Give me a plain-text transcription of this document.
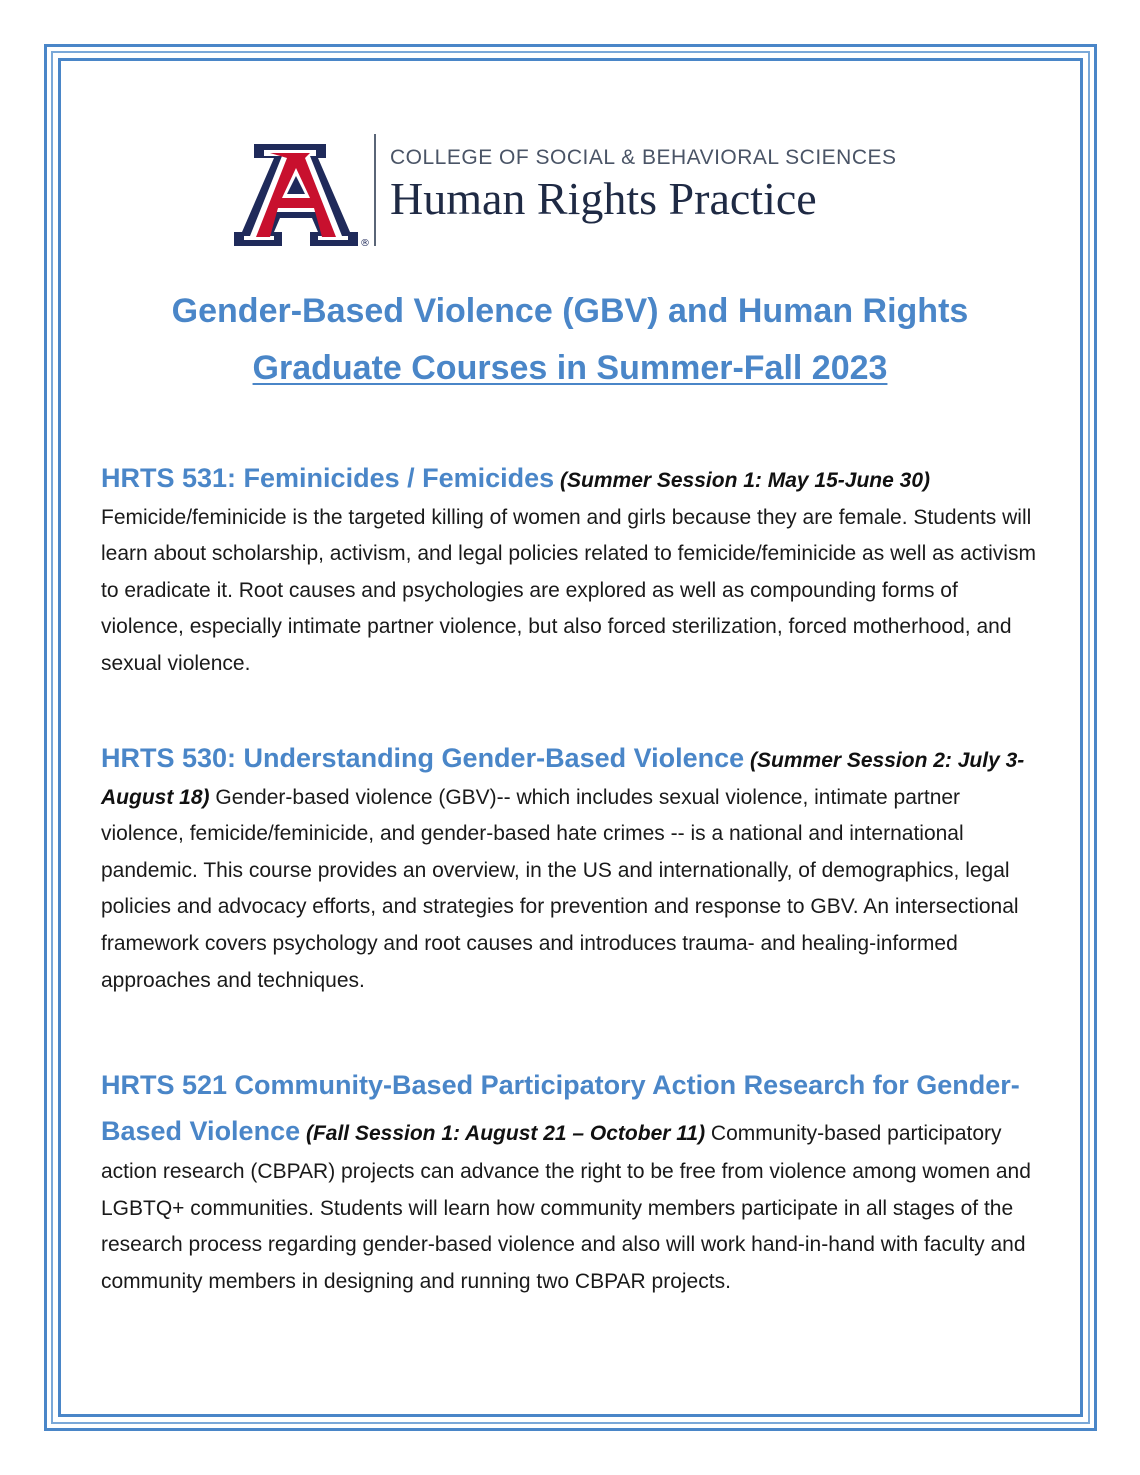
®
COLLEGE OF SOCIAL & BEHAVIORAL SCIENCES
Human Rights Practice
Gender-Based Violence (GBV) and Human Rights
Graduate Courses in Summer-Fall 2023
HRTS 531: Feminicides / Femicides (Summer Session 1: May 15-June 30)
Femicide/feminicide is the targeted killing of women and girls because they are female. Students will learn about scholarship, activism, and legal policies related to femicide/feminicide as well as activism to eradicate it. Root causes and psychologies are explored as well as compounding forms of violence, especially intimate partner violence, but also forced sterilization, forced motherhood, and sexual violence.
HRTS 530: Understanding Gender-Based Violence (Summer Session 2: July 3-August 18) Gender-based violence (GBV)-- which includes sexual violence, intimate partner violence, femicide/feminicide, and gender-based hate crimes -- is a national and international pandemic. This course provides an overview, in the US and internationally, of demographics, legal policies and advocacy efforts, and strategies for prevention and response to GBV. An intersectional framework covers psychology and root causes and introduces trauma- and healing-informed approaches and techniques.
HRTS 521 Community-Based Participatory Action Research for Gender-Based Violence (Fall Session 1: August 21 – October 11) Community-based participatory action research (CBPAR) projects can advance the right to be free from violence among women and LGBTQ+ communities. Students will learn how community members participate in all stages of the research process regarding gender-based violence and also will work hand-in-hand with faculty and community members in designing and running two CBPAR projects.
